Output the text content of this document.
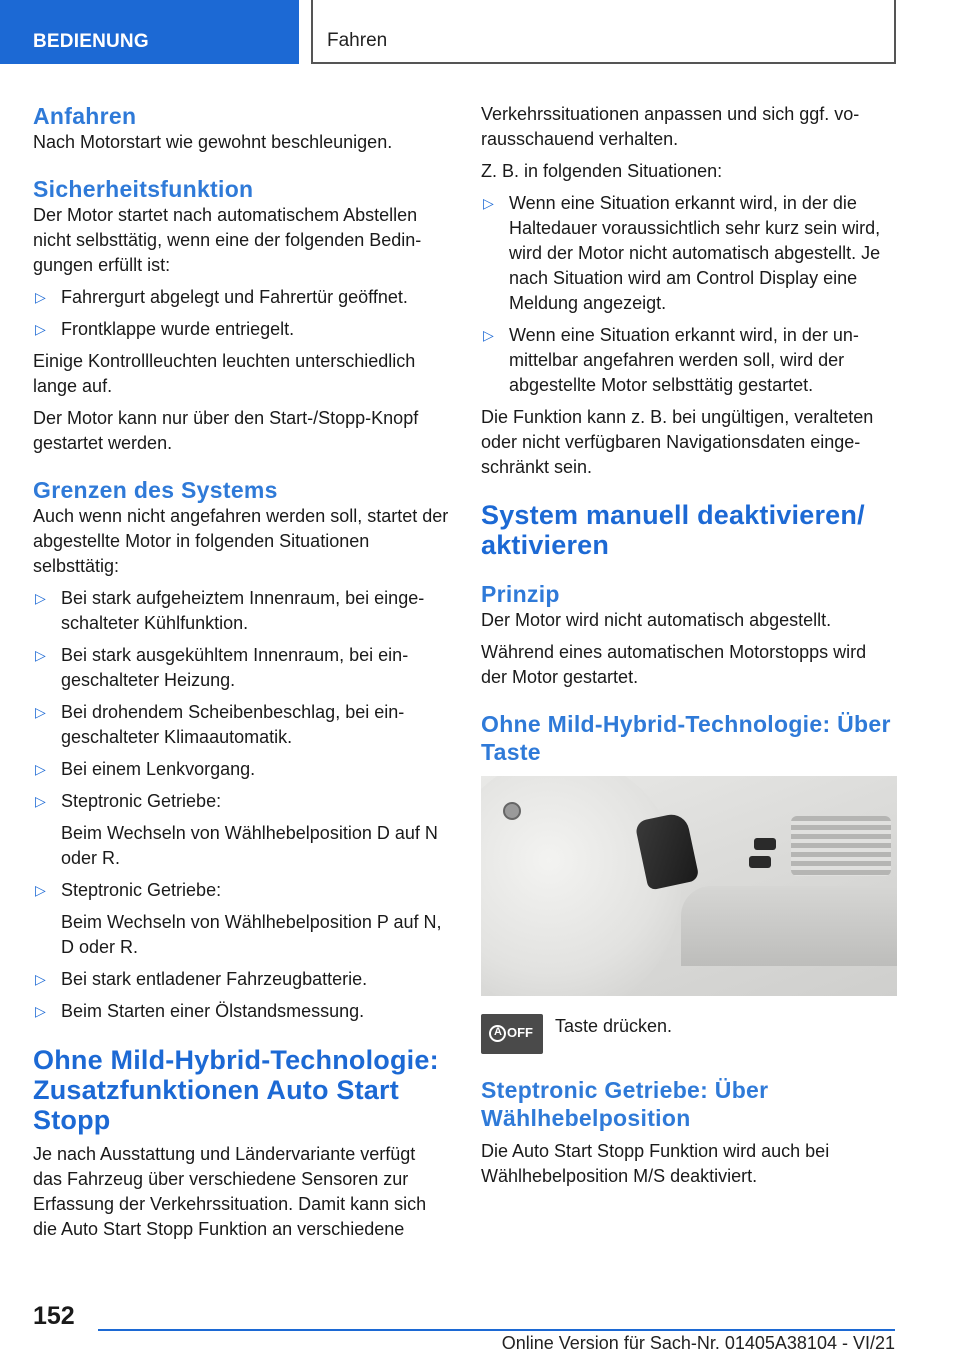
BEDIENUNG	Fahren
Anfahren

Nach Motorstart wie gewohnt beschleunigen.

Sicherheitsfunktion

Der Motor startet nach automatischem Abstellen nicht selbsttätig, wenn eine der folgenden Bedingungen erfüllt ist:

▷ Fahrergurt abgelegt und Fahrertür geöffnet.
▷ Frontklappe wurde entriegelt.

Einige Kontrollleuchten leuchten unterschiedlich lange auf.

Der Motor kann nur über den Start-/Stopp-Knopf gestartet werden.

Grenzen des Systems

Auch wenn nicht angefahren werden soll, startet der abgestellte Motor in folgenden Situationen selbsttätig:

▷ Bei stark aufgeheiztem Innenraum, bei eingeschalteter Kühlfunktion.
▷ Bei stark ausgekühltem Innenraum, bei eingeschalteter Heizung.
▷ Bei drohendem Scheibenbeschlag, bei eingeschalteter Klimaautomatik.
▷ Bei einem Lenkvorgang.
▷ Steptronic Getriebe:
Beim Wechseln von Wählhebelposition D auf N oder R.
▷ Steptronic Getriebe:
Beim Wechseln von Wählhebelposition P auf N, D oder R.
▷ Bei stark entladener Fahrzeugbatterie.
▷ Beim Starten einer Ölstandsmessung.
Ohne Mild-Hybrid-Technologie: Zusatzfunktionen Auto Start Stopp

Je nach Ausstattung und Ländervariante verfügt das Fahrzeug über verschiedene Sensoren zur Erfassung der Verkehrssituation. Damit kann sich die Auto Start Stopp Funktion an verschiedene

Verkehrssituationen anpassen und sich ggf. vorausschauend verhalten.

Z. B. in folgenden Situationen:

▷ Wenn eine Situation erkannt wird, in der die Haltedauer voraussichtlich sehr kurz sein wird, wird der Motor nicht automatisch abgestellt. Je nach Situation wird am Control Display eine Meldung angezeigt.
▷ Wenn eine Situation erkannt wird, in der unmittelbar angefahren werden soll, wird der abgestellte Motor selbsttätig gestartet.

Die Funktion kann z. B. bei ungültigen, veralteten oder nicht verfügbaren Navigationsdaten eingeschränkt sein.

System manuell deaktivieren/ aktivieren
Prinzip

Der Motor wird nicht automatisch abgestellt.

Während eines automatischen Motorstopps wird der Motor gestartet.

Ohne Mild-Hybrid-Technologie: Über Taste
A
OFF Taste drücken.
Steptronic Getriebe: Über Wählhebelposition

Die Auto Start Stopp Funktion wird auch bei Wählhebelposition M/S deaktiviert.

152
Online Version für Sach-Nr. 01405A38104 - VI/21
